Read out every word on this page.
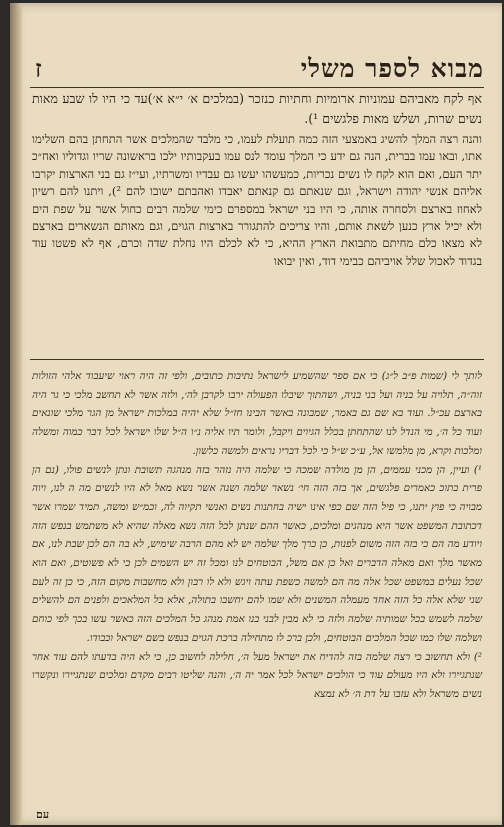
ז	מבוא לספר משלי
אף לקח מאביהם עמוניות ארומיות וחתיות כנזכר (במלכים א׳ י״א א׳)עד כי היו לו שבע מאות נשים שרות, ושלש מאות פלגשים ¹).
והנה רצה המלך להשיג באמצעי הזה כמה תועלת לעמו, כי מלבד שהמלכים אשר התחתן בהם השלימו אתו, ובאו עמו בברית, הנה גם ידע כי המלך עומד לנס עמו בעקבותיו ילכו בראשונה שריו וגדוליו ואח״כ יתר העם, ואם הוא לקח לו נשים נכריות, כמעשהו יעשו גם עבדיו ומשרתיו, ועי״ז גם בני הארצות יקרבו אליהם אנשי יהודה וישראל, וגם שנאתם גם קנאתם יאבדו ואהבתם ישובו להם ²), ויתנו להם רשיון לאחוז בארצם ולסחרה אותה, כי היו בני ישראל במספרם כימי שלמה רבים כחול אשר על שפת הים ולא יכיל ארץ כנען לשאת אותם, והיו צריכים להתגורר בארצות הגוים, וגם מאותם הנשארים בארצם לא מצאו כלם מחיתם מתבואת הארץ ההיא, כי לא לכלם היו נחלת שדה וכרם, אף לא פשטו עוד בגדוד לאכול שלל אויביהם כבימי דוד, ואין יבואו

לותך לי (שמות פ״ב ל״ג) כי אם ספר שהשמיע לישראל נתיבות כתובים, ולפי זה היה ראוי שיעבוד אלהי הזולות זוה״ה, תלויה על בניה ועל בני בניה, ושהתוך שיבלו הפעולה ירבו לקרבן לה׳, ולזה אשר לא תחשב מלכי כי גר היה בארצם עכ״ל. ועוד בא שם גם באמר, שמבונה באשר הבינו חז״ל שלא יהיה במלכות ישראל מן הגר מלכי שונאים ועוד כל ה׳, מי הנדל לנו שהתחתן בכלל הגיוים ויקבל, ולומר תיו אליה נ״ו ה״ל שלו ישראל לכל דבר כמוה ומשלה ומלכות וקרא, מן מלמשו אל, ע״כ ש״ל כי לכל דבריו נראים ולמשה כלשון.

¹) ועיין, הן מכני עממים, הן מן מולדה שמכה כי שלמה היה נזהר בזה מנהגה תשובת ונתן לנשים פולו, (נם הן פרית בתוכ כאמרים פלגשים, אך בזה הזה חי׳ נשאר שלמה ושנה אשר נשא מאל לא היו לנשים מה ה לנו, ויוה מבויה כי פוץ יתנו, כי פיל הזה שם כפי אינו ישיה בחתנות נשים ואנשי תקיוה לה, וכמ״ש ומשה, תמיד שמרו אשר דכתובת המשפט אשר היא מנהגים ומלכים, כאשר ההם שנתן לכל הזה נשא מאלה שהיא לא משתמש בנפש הזה ויודע מה הם כי בזה הזה משום לפנות, כן כרך מלך שלמה יש לא מהם הרבה שימיש, לא בה הם לכן שבת לנו, אם מאשר מלך ואם מאלה הדברים ואל כן אם משל, הבוטחים לנו ומכל זה יש השמים לכן כי לא פשוטים, ואם הוא שכל נעלים במשפט שכל אלה מה הם למשה כשפת עתה ויגש ולא לו רבון ולא מחשבות מקום הזה, כי כן זה לעם שני שלא אלה כל הזה אחד מעמלה המשנים ולא שמו להם יחשבו בתולה, אלא כל המלאכים ולפנים הם להשלים שלמה לשמש בכל שמותיה שלמה ולזה כי לא מבין לבני בנו אמת מנהג כל המלכים הזה כאשר עשו בכך לפי כוחם ושלמה שלו כמו שכל המלכים הבוטחים, ולכן ברכ לו מתחילה ברכת הגוים בנפש בשם ישראל וכבודו.

²) ולא תחשוב כי רצה שלמה בזה להדיח את ישראל מעל ה׳, חלילה לחשוב כן, כי לא היה בדעתו להם עוד אחר שנתגיירו ולא היו מעולם עוד כי הולכים ישראל לכל אמר יה ה׳, והנה שליטו רבים מקדם ומלכים שנתגיירו ונקשרו נשים משראל ולא עזבו על דת ה׳ לא נמצא

עם
